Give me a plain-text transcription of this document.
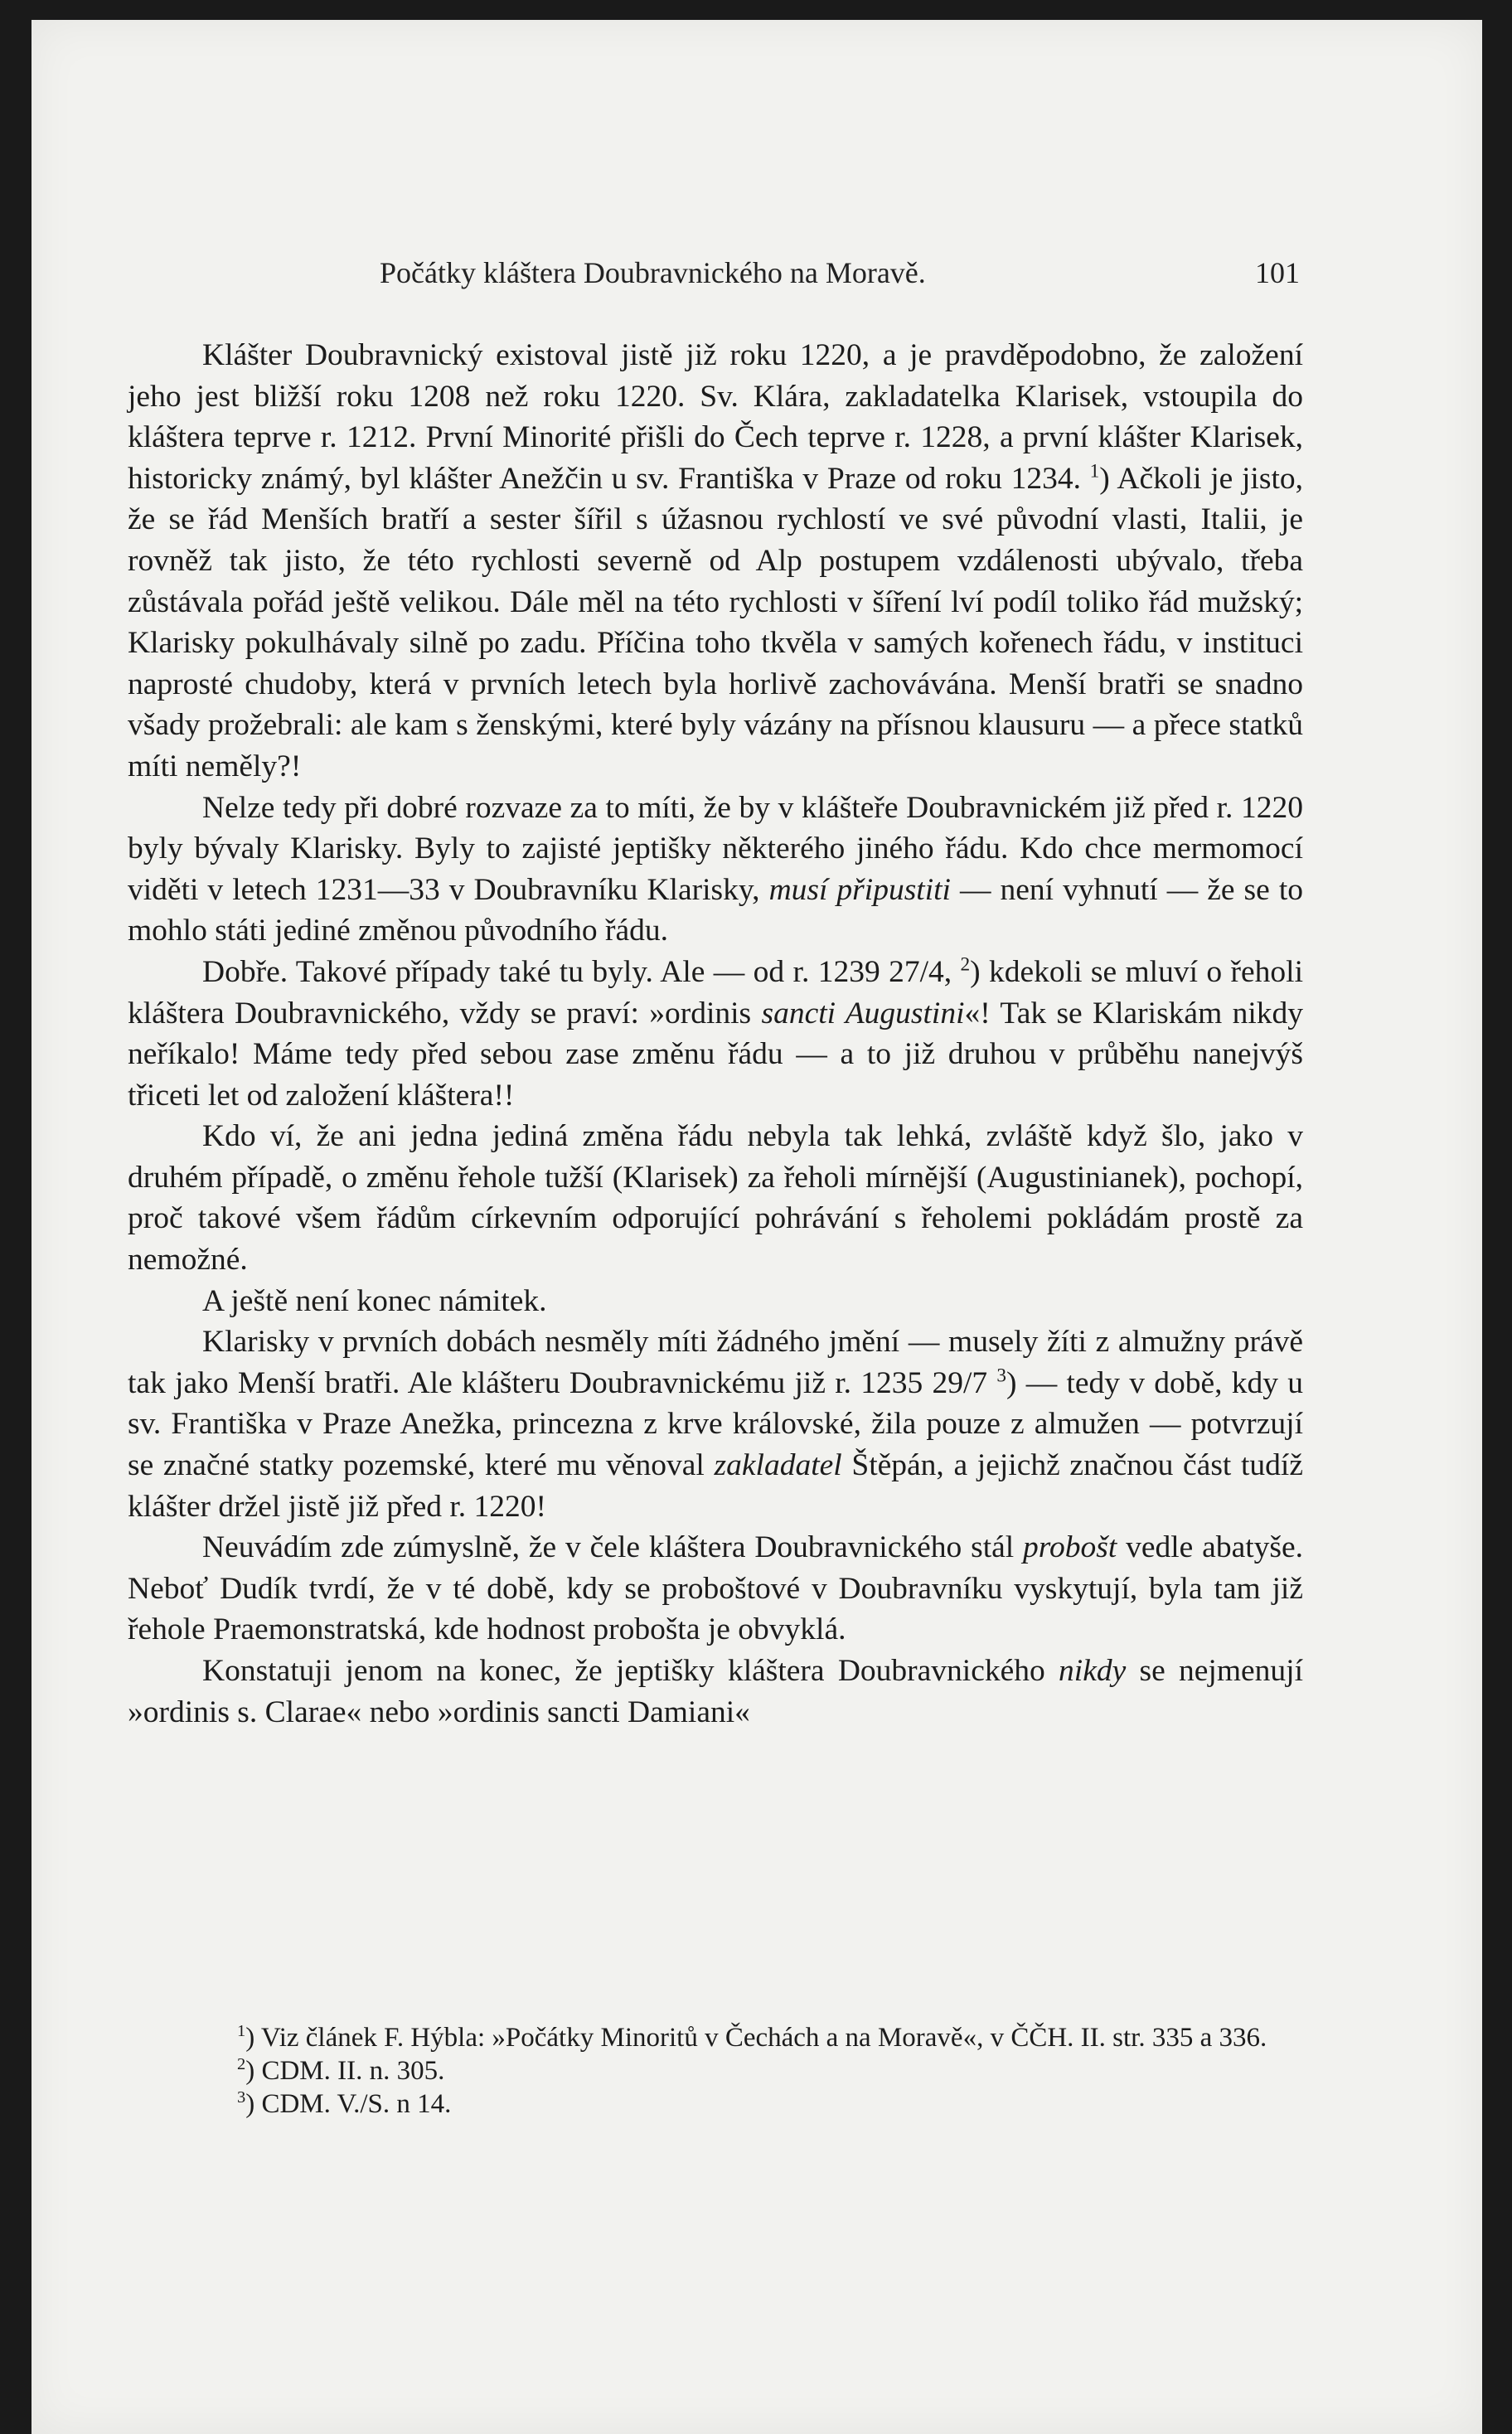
Počátky kláštera Doubravnického na Moravě.	101

Klášter Doubravnický existoval jistě již roku 1220, a je pravděpodobno, že založení jeho jest bližší roku 1208 než roku 1220. Sv. Klára, zakladatelka Klarisek, vstoupila do kláštera teprve r. 1212. První Minorité přišli do Čech teprve r. 1228, a první klášter Klarisek, historicky známý, byl klášter Anežčin u sv. Františka v Praze od roku 1234. $^1$) Ačkoli je jisto, že se řád Menších bratří a sester šířil s úžasnou rychlostí ve své původní vlasti, Italii, je rovněž tak jisto, že této rychlosti severně od Alp postupem vzdálenosti ubývalo, třeba zůstávala pořád ještě velikou. Dále měl na této rychlosti v šíření lví podíl toliko řád mužský; Klarisky pokulhávaly silně po zadu. Příčina toho tkvěla v samých kořenech řádu, v instituci naprosté chudoby, která v prvních letech byla horlivě zachovávána. Menší bratři se snadno všady prožebrali: ale kam s ženskými, které byly vázány na přísnou klausuru — a přece statků míti neměly?!

Nelze tedy při dobré rozvaze za to míti, že by v klášteře Doubravnickém již před r. 1220 byly bývaly Klarisky. Byly to zajisté jeptišky některého jiného řádu. Kdo chce mermomocí viděti v letech 1231—33 v Doubravníku Klarisky, musí připustiti — není vyhnutí — že se to mohlo státi jediné změnou původního řádu.

Dobře. Takové případy také tu byly. Ale — od r. 1239 27/4, $^2$) kdekoli se mluví o řeholi kláštera Doubravnického, vždy se praví: »ordinis sancti Augustini«! Tak se Klariskám nikdy neříkalo! Máme tedy před sebou zase změnu řádu — a to již druhou v průběhu nanejvýš třiceti let od založení kláštera!!

Kdo ví, že ani jedna jediná změna řádu nebyla tak lehká, zvláště když šlo, jako v druhém případě, o změnu řehole tužší (Klarisek) za řeholi mírnější (Augustinianek), pochopí, proč takové všem řádům církevním odporující pohrávání s řeholemi pokládám prostě za nemožné.

A ještě není konec námitek.

Klarisky v prvních dobách nesměly míti žádného jmění — musely žíti z almužny právě tak jako Menší bratři. Ale klášteru Doubravnickému již r. 1235 29/7 $^3$) — tedy v době, kdy u sv. Františka v Praze Anežka, princezna z krve královské, žila pouze z almužen — potvrzují se značné statky pozemské, které mu věnoval zakladatel Štěpán, a jejichž značnou část tudíž klášter držel jistě již před r. 1220!

Neuvádím zde zúmyslně, že v čele kláštera Doubravnického stál probošt vedle abatyše. Neboť Dudík tvrdí, že v té době, kdy se proboštové v Doubravníku vyskytují, byla tam již řehole Praemonstratská, kde hodnost probošta je obvyklá.

Konstatuji jenom na konec, že jeptišky kláštera Doubravnického nikdy se nejmenují »ordinis s. Clarae« nebo »ordinis sancti Damiani«

$^1$) Viz článek F. Hýbla: »Počátky Minoritů v Čechách a na Moravě«, v ČČH. II. str. 335 a 336.

$^2$) CDM. II. n. 305.

$^3$) CDM. V./S. n 14.
